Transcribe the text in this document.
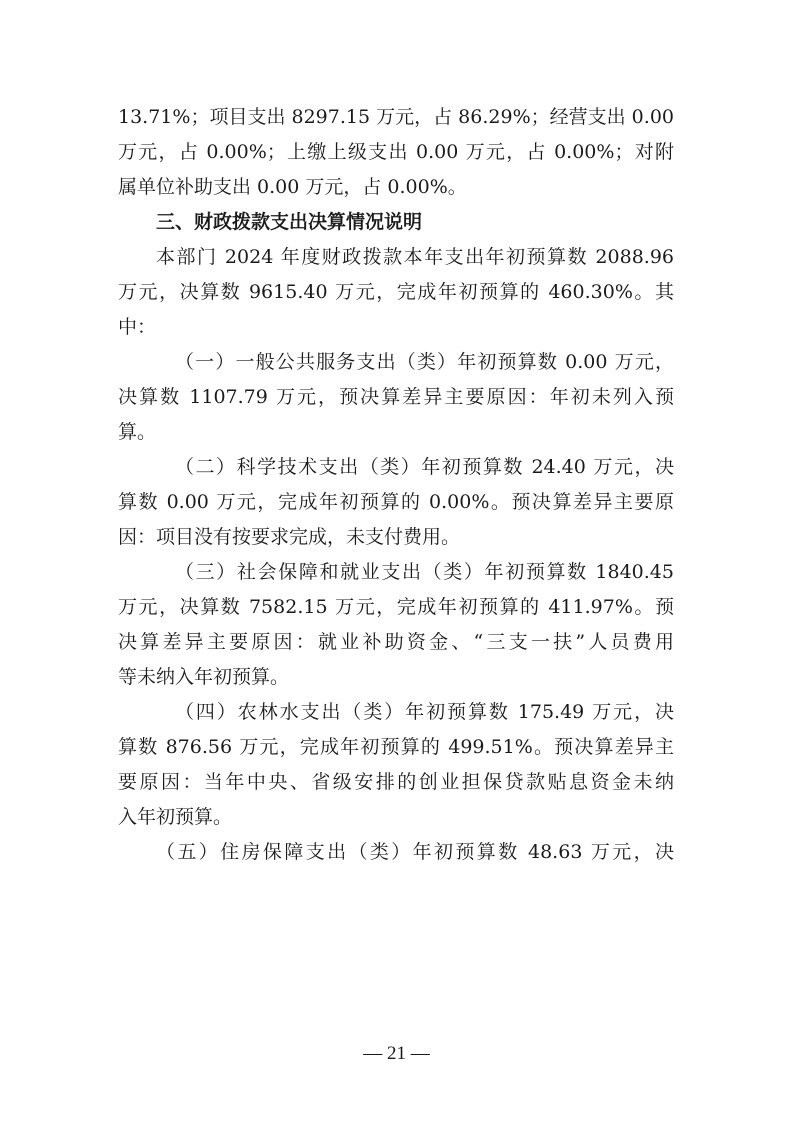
13.71%；项目支出 8297.15 万元，占 86.29%；经营支出 0.00
万元，占 0.00%；上缴上级支出 0.00 万元，占 0.00%；对附
属单位补助支出 0.00 万元，占 0.00%。
三、财政拨款支出决算情况说明
本部门 2024 年度财政拨款本年支出年初预算数 2088.96
万元，决算数 9615.40 万元，完成年初预算的 460.30%。其
中：
（一）一般公共服务支出（类）年初预算数 0.00 万元，
决算数 1107.79 万元，预决算差异主要原因：年初未列入预
算。
（二）科学技术支出（类）年初预算数 24.40 万元，决
算数 0.00 万元，完成年初预算的 0.00%。预决算差异主要原
因：项目没有按要求完成，未支付费用。
（三）社会保障和就业支出（类）年初预算数 1840.45
万元，决算数 7582.15 万元，完成年初预算的 411.97%。预
决算差异主要原因：就业补助资金、“三支一扶”人员费用
等未纳入年初预算。
（四）农林水支出（类）年初预算数 175.49 万元，决
算数 876.56 万元，完成年初预算的 499.51%。预决算差异主
要原因：当年中央、省级安排的创业担保贷款贴息资金未纳
入年初预算。
（五）住房保障支出（类）年初预算数 48.63 万元，决
— 21 —
